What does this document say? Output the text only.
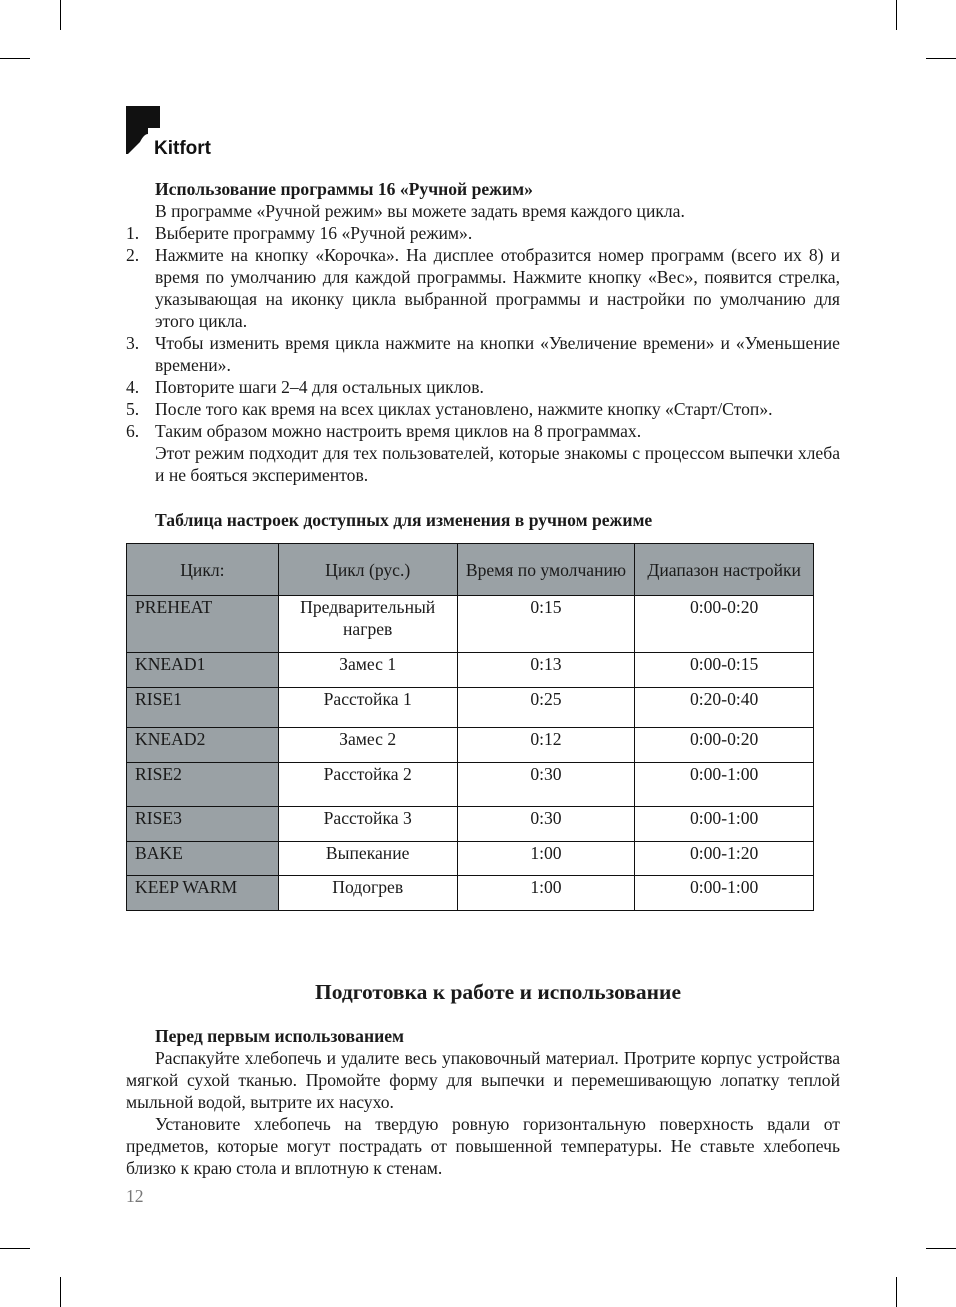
Kitfort
Использование программы 16 «Ручной режим»
В программе «Ручной режим» вы можете задать время каждого цикла.
1. Выберите программу 16 «Ручной режим».
2. Нажмите на кнопку «Корочка». На дисплее отобразится номер программ (всего их 8) и время по умолчанию для каждой программы. Нажмите кнопку «Вес», появится стрелка, указывающая на иконку цикла выбранной программы и настройки по умолчанию для этого цикла.
3. Чтобы изменить время цикла нажмите на кнопки «Увеличение времени» и «Уменьшение времени».
4. Повторите шаги 2–4 для остальных циклов.
5. После того как время на всех циклах установлено, нажмите кнопку «Старт/Стоп».
6. Таким образом можно настроить время циклов на 8 программах.
Этот режим подходит для тех пользователей, которые знакомы с процессом выпечки хлеба и не бояться экспериментов.
Таблица настроек доступных для изменения в ручном режиме
Цикл:	Цикл (рус.)	Время по умолчанию	Диапазон настройки
PREHEAT	Предварительный нагрев	0:15	0:00-0:20
KNEAD1	Замес 1	0:13	0:00-0:15
RISE1	Расстойка 1	0:25	0:20-0:40
KNEAD2	Замес 2	0:12	0:00-0:20
RISE2	Расстойка 2	0:30	0:00-1:00
RISE3	Расстойка 3	0:30	0:00-1:00
BAKE	Выпекание	1:00	0:00-1:20
KEEP WARM	Подогрев	1:00	0:00-1:00
Подготовка к работе и использование
Перед первым использованием

Распакуйте хлебопечь и удалите весь упаковочный материал. Протрите корпус устройства мягкой сухой тканью. Промойте форму для выпечки и перемешивающую лопатку теплой мыльной водой, вытрите их насухо.

Установите хлебопечь на твердую ровную горизонтальную поверхность вдали от предметов, которые могут пострадать от повышенной температуры. Не ставьте хлебопечь близко к краю стола и вплотную к стенам.

12
